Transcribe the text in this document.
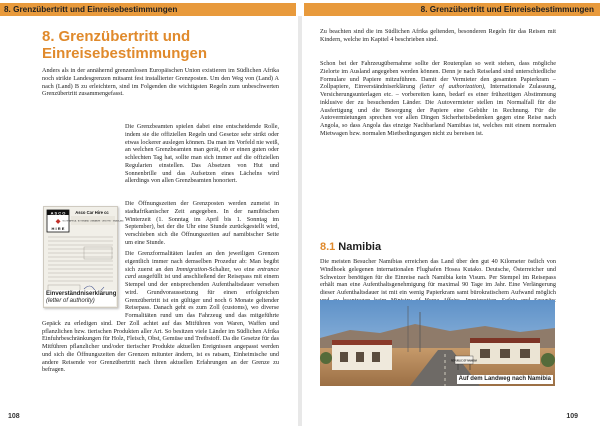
8. Grenzübertritt und Einreisebestimmungen	8. Grenzübertritt und Einreisebestimmungen
8. Grenzübertritt und Einreisebestimmungen

Anders als in der annähernd grenzenlosen Europäischen Union existieren im Südlichen Afrika noch strikte Landesgrenzen mitsamt fest installierter Grenzposten. Um den Weg von (Land) A nach (Land) B zu erleichtern, sind im Folgenden die wichtigsten Regeln zum unbeschwerten Grenzübertritt zusammengefasst.

Die Grenzbeamten spielen dabei eine entscheidende Rolle, indem sie die offiziellen Regeln und Gesetze sehr strikt oder etwas lockerer auslegen können. Da man im Vorfeld nie weiß, an welchen Grenzbeamten man gerät, ob er einen guten oder schlechten Tag hat, sollte man sich immer auf die offiziellen Regularien einstellen. Das Absetzen von Hut und Sonnenbrille und das Aufsetzen eines Lächelns wird allerdings von allen Grenzbeamten honoriert.

Die Öffnungszeiten der Grenzposten werden zumeist in stadtafrikanischer Zeit angegeben. In der namibischen Winterzeit (1. Sonntag im April bis 1. Sonntag im September), bei der die Uhr eine Stunde zurückgestellt wird, verschieben sich die Öffnungszeiten auf namibischer Seite um eine Stunde.

Die Grenzformalitäten laufen an den jeweiligen Grenzen eigentlich immer nach demselben Prozedur ab: Man begibt sich zuerst an den Immigration-Schalter, wo eine entrance card ausgefüllt ist und anschließend der Reisepass mit einem Stempel und der entsprechenden Aufenthaltsdauer versehen wird. Grundvoraussetzung für einen erfolgreichen Grenzübertritt ist ein gültiger und noch 6 Monate geltender Reisepass. Danach geht es zum Zoll (customs), wo diverse Formalitäten rund um das Fahrzeug und das mitgeführte Gepäck zu erledigen sind. Der Zoll achtet auf das Mitführen von Waren, Waffen und pflanzlichen bzw. tierischen Produkten aller Art. So besitzen viele Länder im Südlichen Afrika Einfuhrbeschränkungen für Holz, Fleisch, Obst, Gemüse und Treibstoff. Da die Gesetze für das Mitführen pflanzlicher und/oder tierischer Produkte aktuellen Ereignissen angepasst werden und sich die Öffnungszeiten der Grenzen mitunter ändern, ist es ratsam, Einheimische und andere Reisende vor Grenzübertritt nach ihren aktuellen Erfahrungen an der Grenze zu befragen.

A S C O
H I R E
◆
Asco Car Hire cc
SOUTH AFRICA · BOTSWANA · ZIMBABWE · LESOTHO · SWAZILAND
Einverständniserklärung
(letter of authority)
108

Zu beachten sind die im Südlichen Afrika geltenden, besonderen Regeln für das Reisen mit Kindern, welche im Kapitel 4 beschrieben sind.

Schon bei der Fahrzeugübernahme sollte der Routenplan so weit stehen, dass mögliche Zielorte im Ausland angegeben werden können. Denn je nach Reiseland sind unterschiedliche Formulare und Papiere mitzuführen. Damit der Vermieter den gesamten Papierkram – Zollpapiere, Einverständniserklärung (letter of authorization), Internationale Zulassung, Versicherungsunterlagen etc. – vorbereiten kann, bedarf es einer frühzeitigen Abstimmung inklusive der zu besuchenden Länder. Die Autovermieter stellen im Normalfall für die Ausfertigung und die Besorgung der Papiere eine Gebühr in Rechnung. Für die Autovermietungen sprechen vor allen Dingen Sicherheitsbedenken gegen eine Reise nach Angola, so dass Angola das einzige Nachbarland Namibias ist, welches mit einem normalen Mietwagen bzw. normalen Mietbedingungen nicht zu bereisen ist.

8.1 Namibia

Die meisten Besucher Namibias erreichen das Land über den gut 40 Kilometer östlich von Windhoek gelegenen internationalen Flughafen Hosea Kutako. Deutsche, Österreicher und Schweizer benötigen für die Einreise nach Namibia kein Visum. Per Stempel im Reisepass erhält man eine Aufenthaltsgenehmigung für maximal 90 Tage im Jahr. Eine Verlängerung dieser Aufenthaltsdauer ist mit ein wenig Papierkram samt bürokratischem Aufwand möglich :

REPUBLIC OF NAMIBIA
Auf dem Landweg nach Namibia
109
